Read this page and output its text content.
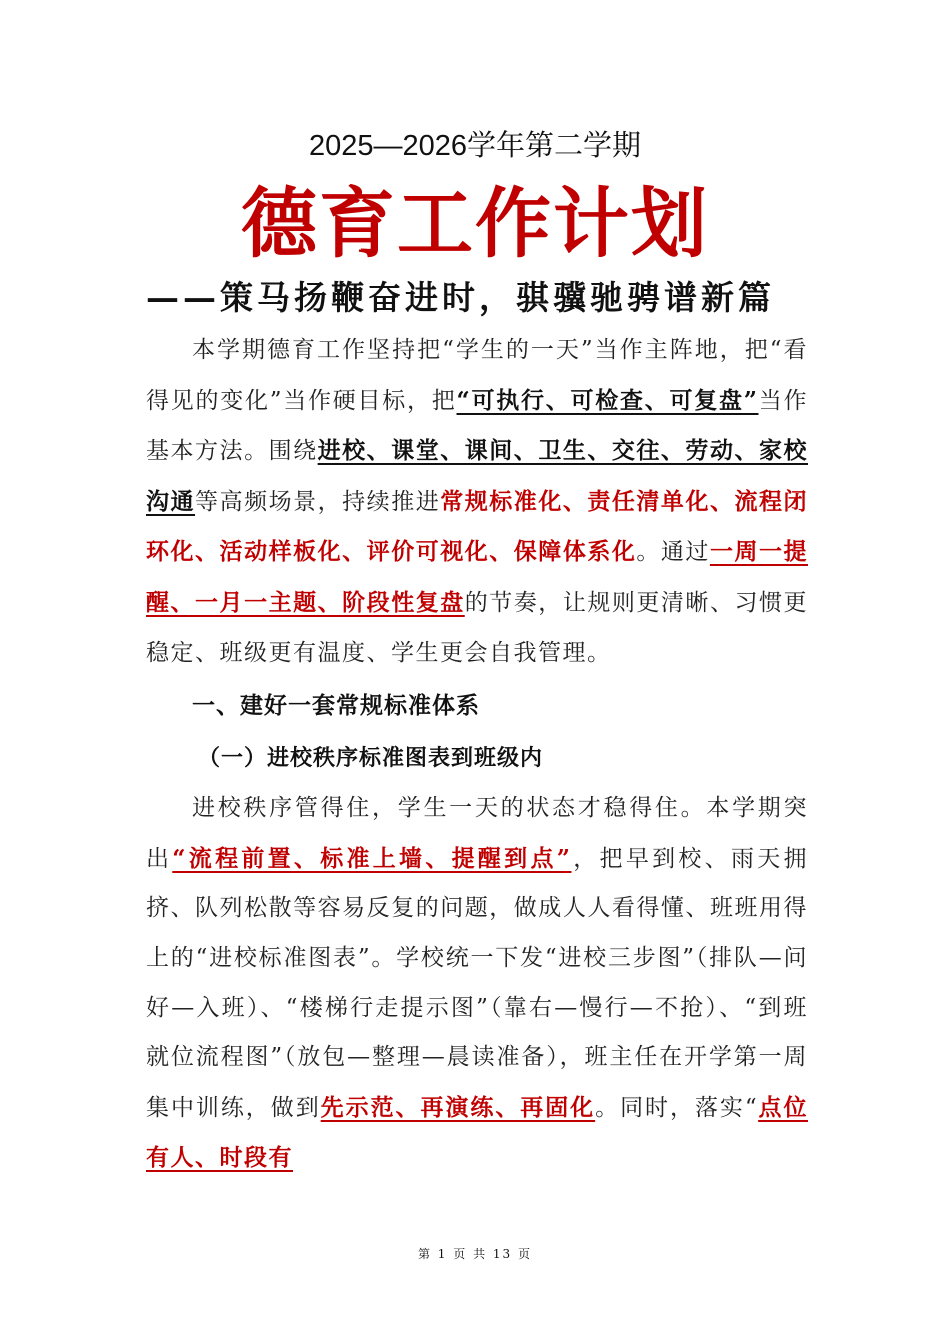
2025—2026学年第二学期
德育工作计划
——策马扬鞭奋进时，骐骥驰骋谱新篇

本学期德育工作坚持把“学生的一天”当作主阵地，把“看得见的变化”当作硬目标，把“可执行、可检查、可复盘”当作基本方法。围绕进校、课堂、课间、卫生、交往、劳动、家校沟通等高频场景，持续推进常规标准化、责任清单化、流程闭环化、活动样板化、评价可视化、保障体系化。通过一周一提醒、一月一主题、阶段性复盘的节奏，让规则更清晰、习惯更稳定、班级更有温度、学生更会自我管理。

一、建好一套常规标准体系

（一）进校秩序标准图表到班级内

进校秩序管得住，学生一天的状态才稳得住。本学期突出“流程前置、标准上墙、提醒到点”，把早到校、雨天拥挤、队列松散等容易反复的问题，做成人人看得懂、班班用得上的“进校标准图表”。学校统一下发“进校三步图”（排队—问好—入班）、“楼梯行走提示图”（靠右—慢行—不抢）、“到班就位流程图”（放包—整理—晨读准备），班主任在开学第一周集中训练，做到先示范、再演练、再固化。同时，落实“点位有人、时段有

第 1 页 共 13 页
